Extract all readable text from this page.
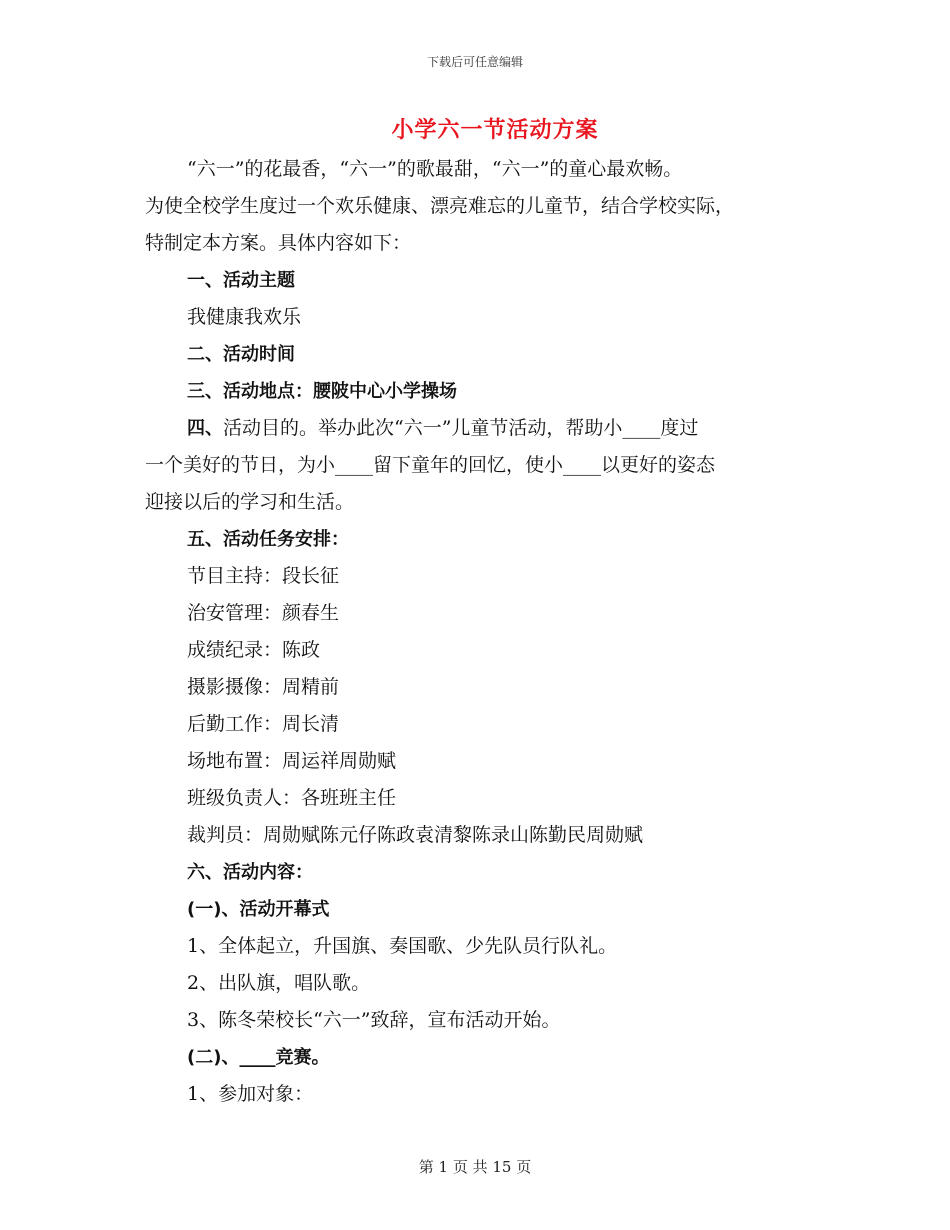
下载后可任意编辑
小学六一节活动方案
“六一”的花最香，“六一”的歌最甜，“六一”的童心最欢畅。
为使全校学生度过一个欢乐健康、漂亮难忘的儿童节，结合学校实际，
特制定本方案。具体内容如下：
一、活动主题
我健康我欢乐
二、活动时间
三、活动地点：腰陂中心小学操场
四、活动目的。举办此次“六一”儿童节活动，帮助小____度过
一个美好的节日，为小____留下童年的回忆，使小____以更好的姿态
迎接以后的学习和生活。
五、活动任务安排：
节目主持：段长征
治安管理：颜春生
成绩纪录：陈政
摄影摄像：周精前
后勤工作：周长清
场地布置：周运祥周勋赋
班级负责人：各班班主任
裁判员：周勋赋陈元仔陈政袁清黎陈录山陈勤民周勋赋
六、活动内容：
(一)、活动开幕式
1、全体起立，升国旗、奏国歌、少先队员行队礼。
2、出队旗，唱队歌。
3、陈冬荣校长“六一”致辞，宣布活动开始。
(二)、____竞赛。
1、参加对象：
第 1 页 共 15 页
